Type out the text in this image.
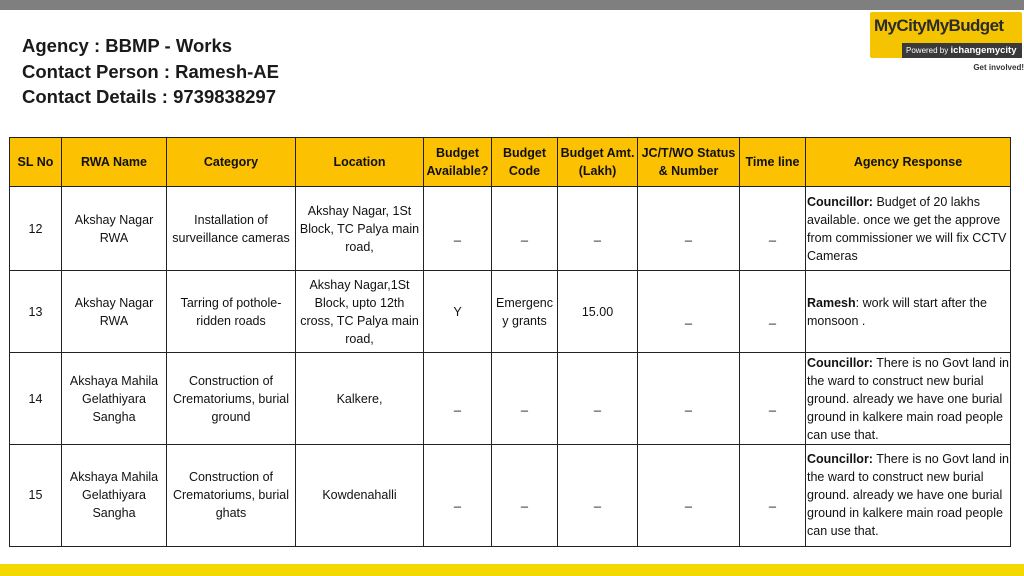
Agency : BBMP - Works
Contact Person : Ramesh-AE
Contact Details : 9739838297
MyCityMyBudget
Powered by ichangemycity
Get involved!
SL No	RWA Name	Category	Location	Budget Available?	Budget Code	Budget Amt. (Lakh)	JC/T/WO Status & Number	Time line	Agency Response
12	Akshay Nagar RWA	Installation of surveillance cameras	Akshay Nagar, 1St Block, TC Palya main road,	_	_	_	_	_	Councillor: Budget of 20 lakhs available. once we get the approve from commissioner we will fix CCTV Cameras
13	Akshay Nagar RWA	Tarring of pothole-ridden roads	Akshay Nagar,1St Block, upto 12th cross, TC Palya main road,	Y	Emergency grants	15.00	_	_	Ramesh: work will start after the monsoon .
14	Akshaya Mahila Gelathiyara Sangha	Construction of Crematoriums, burial ground	Kalkere,	_	_	_	_	_	Councillor: There is no Govt land in the ward to construct new burial ground. already we have one burial ground in kalkere main road people can use that.
15	Akshaya Mahila Gelathiyara Sangha	Construction of Crematoriums, burial ghats	Kowdenahalli	_	_	_	_	_	Councillor: There is no Govt land in the ward to construct new burial ground. already we have one burial ground in kalkere main road people can use that.
